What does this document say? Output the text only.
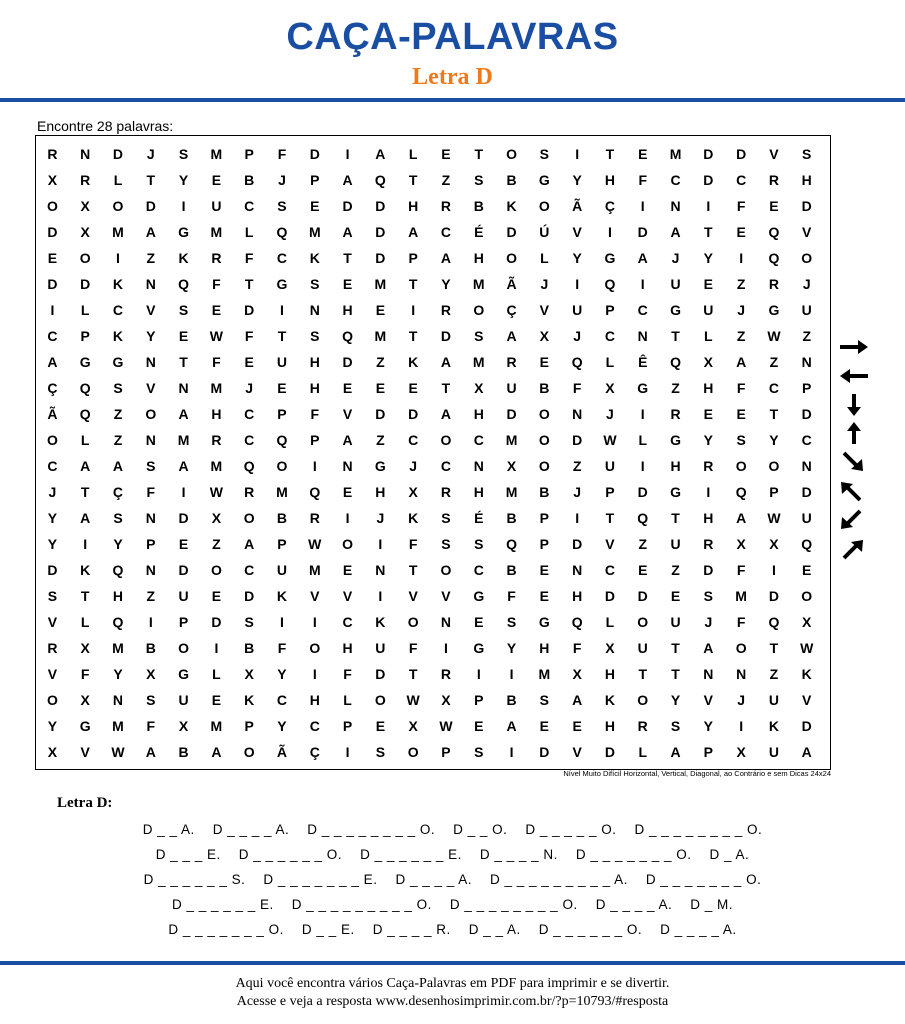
CAÇA-PALAVRAS
Letra D
Encontre 28 palavras:
R	N	D	J	S	M	P	F	D	I	A	L	E	T	O	S	I	T	E	M	D	D	V	S
X	R	L	T	Y	E	B	J	P	A	Q	T	Z	S	B	G	Y	H	F	C	D	C	R	H
O	X	O	D	I	U	C	S	E	D	D	H	R	B	K	O	Ã	Ç	I	N	I	F	E	D
D	X	M	A	G	M	L	Q	M	A	D	A	C	É	D	Ú	V	I	D	A	T	E	Q	V
E	O	I	Z	K	R	F	C	K	T	D	P	A	H	O	L	Y	G	A	J	Y	I	Q	O
D	D	K	N	Q	F	T	G	S	E	M	T	Y	M	Ã	J	I	Q	I	U	E	Z	R	J
I	L	C	V	S	E	D	I	N	H	E	I	R	O	Ç	V	U	P	C	G	U	J	G	U
C	P	K	Y	E	W	F	T	S	Q	M	T	D	S	A	X	J	C	N	T	L	Z	W	Z
A	G	G	N	T	F	E	U	H	D	Z	K	A	M	R	E	Q	L	Ê	Q	X	A	Z	N
Ç	Q	S	V	N	M	J	E	H	E	E	E	T	X	U	B	F	X	G	Z	H	F	C	P
Ã	Q	Z	O	A	H	C	P	F	V	D	D	A	H	D	O	N	J	I	R	E	E	T	D
O	L	Z	N	M	R	C	Q	P	A	Z	C	O	C	M	O	D	W	L	G	Y	S	Y	C
C	A	A	S	A	M	Q	O	I	N	G	J	C	N	X	O	Z	U	I	H	R	O	O	N
J	T	Ç	F	I	W	R	M	Q	E	H	X	R	H	M	B	J	P	D	G	I	Q	P	D
Y	A	S	N	D	X	O	B	R	I	J	K	S	É	B	P	I	T	Q	T	H	A	W	U
Y	I	Y	P	E	Z	A	P	W	O	I	F	S	S	Q	P	D	V	Z	U	R	X	X	Q
D	K	Q	N	D	O	C	U	M	E	N	T	O	C	B	E	N	C	E	Z	D	F	I	E
S	T	H	Z	U	E	D	K	V	V	I	V	V	G	F	E	H	D	D	E	S	M	D	O
V	L	Q	I	P	D	S	I	I	C	K	O	N	E	S	G	Q	L	O	U	J	F	Q	X
R	X	M	B	O	I	B	F	O	H	U	F	I	G	Y	H	F	X	U	T	A	O	T	W
V	F	Y	X	G	L	X	Y	I	F	D	T	R	I	I	M	X	H	T	T	N	N	Z	K
O	X	N	S	U	E	K	C	H	L	O	W	X	P	B	S	A	K	O	Y	V	J	U	V
Y	G	M	F	X	M	P	Y	C	P	E	X	W	E	A	E	E	H	R	S	Y	I	K	D
X	V	W	A	B	A	O	Ã	Ç	I	S	O	P	S	I	D	V	D	L	A	P	X	U	A
Nível Muito Difícil Horizontal, Vertical, Diagonal, ao Contrário e sem Dicas 24x24
Letra D:
D _ _ A. D _ _ _ _ A. D _ _ _ _ _ _ _ _ O. D _ _ O. D _ _ _ _ _ O. D _ _ _ _ _ _ _ _ O.
D _ _ _ E. D _ _ _ _ _ _ O. D _ _ _ _ _ _ E. D _ _ _ _ N. D _ _ _ _ _ _ _ O. D _ A.
D _ _ _ _ _ _ S. D _ _ _ _ _ _ _ E. D _ _ _ _ A. D _ _ _ _ _ _ _ _ _ A. D _ _ _ _ _ _ _ O.
D _ _ _ _ _ _ E. D _ _ _ _ _ _ _ _ _ O. D _ _ _ _ _ _ _ _ O. D _ _ _ _ A. D _ M.
D _ _ _ _ _ _ _ O. D _ _ E. D _ _ _ _ R. D _ _ A. D _ _ _ _ _ _ O. D _ _ _ _ A.
Aqui você encontra vários Caça-Palavras em PDF para imprimir e se divertir.
Acesse e veja a resposta www.desenhosimprimir.com.br/?p=10793/#resposta
